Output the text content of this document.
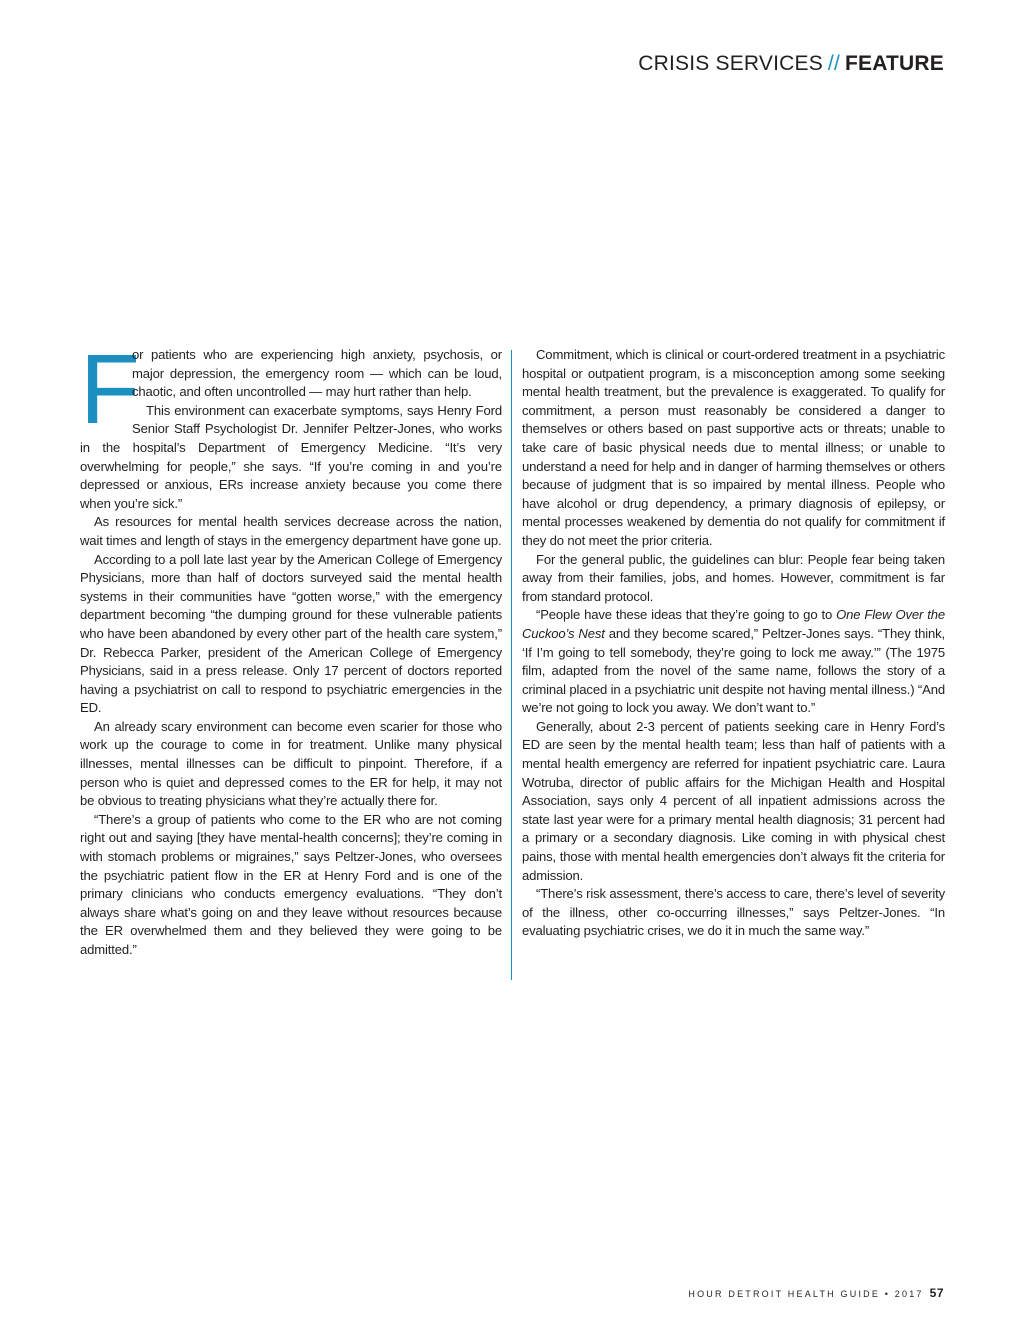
CRISIS SERVICES // FEATURE

F
or patients who are experiencing high anxiety, psychosis, or major depression, the emergency room — which can be loud, chaotic, and often uncontrolled — may hurt rather than help.

This environment can exacerbate symptoms, says Henry Ford Senior Staff Psychologist Dr. Jennifer Peltzer-Jones, who works in the hospital’s Department of Emergency Medicine. “It’s very overwhelming for people,” she says. “If you’re coming in and you’re depressed or anxious, ERs increase anxiety because you come there when you’re sick.”

As resources for mental health services decrease across the nation, wait times and length of stays in the emergency department have gone up.

According to a poll late last year by the American College of Emergency Physicians, more than half of doctors surveyed said the mental health systems in their communities have “gotten worse,” with the emergency department becoming “the dumping ground for these vulnerable patients who have been abandoned by every other part of the health care system,” Dr. Rebecca Parker, president of the American College of Emergency Physicians, said in a press release. Only 17 percent of doctors reported having a psychiatrist on call to respond to psychiatric emergencies in the ED.

An already scary environment can become even scarier for those who work up the courage to come in for treatment. Unlike many physical illnesses, mental illnesses can be difficult to pinpoint. Therefore, if a person who is quiet and depressed comes to the ER for help, it may not be obvious to treating physicians what they’re actually there for.

“There’s a group of patients who come to the ER who are not coming right out and saying [they have mental-health concerns]; they’re coming in with stomach problems or migraines,” says Peltzer-Jones, who oversees the psychiatric patient flow in the ER at Henry Ford and is one of the primary clinicians who conducts emergency evaluations. “They don’t always share what’s going on and they leave without resources because the ER overwhelmed them and they believed they were going to be admitted.”

Commitment, which is clinical or court-ordered treatment in a psychiatric hospital or outpatient program, is a misconception among some seeking mental health treatment, but the prevalence is exaggerated. To qualify for commitment, a person must reasonably be considered a danger to themselves or others based on past supportive acts or threats; unable to take care of basic physical needs due to mental illness; or unable to understand a need for help and in danger of harming themselves or others because of judgment that is so impaired by mental illness. People who have alcohol or drug dependency, a primary diagnosis of epilepsy, or mental processes weakened by dementia do not qualify for commitment if they do not meet the prior criteria.

For the general public, the guidelines can blur: People fear being taken away from their families, jobs, and homes. However, commitment is far from standard protocol.

“People have these ideas that they’re going to go to One Flew Over the Cuckoo’s Nest and they become scared,” Peltzer-Jones says. “They think, ‘If I’m going to tell somebody, they’re going to lock me away.’” (The 1975 film, adapted from the novel of the same name, follows the story of a criminal placed in a psychiatric unit despite not having mental illness.) “And we’re not going to lock you away. We don’t want to.”

Generally, about 2-3 percent of patients seeking care in Henry Ford’s ED are seen by the mental health team; less than half of patients with a mental health emergency are referred for inpatient psychiatric care. Laura Wotruba, director of public affairs for the Michigan Health and Hospital Association, says only 4 percent of all inpatient admissions across the state last year were for a primary mental health diagnosis; 31 percent had a primary or a secondary diagnosis. Like coming in with physical chest pains, those with mental health emergencies don’t always fit the criteria for admission.

“There’s risk assessment, there’s access to care, there’s level of severity of the illness, other co-occurring illnesses,” says Peltzer-Jones. “In evaluating psychiatric crises, we do it in much the same way.”

HOUR DETROIT HEALTH GUIDE • 2017 57
